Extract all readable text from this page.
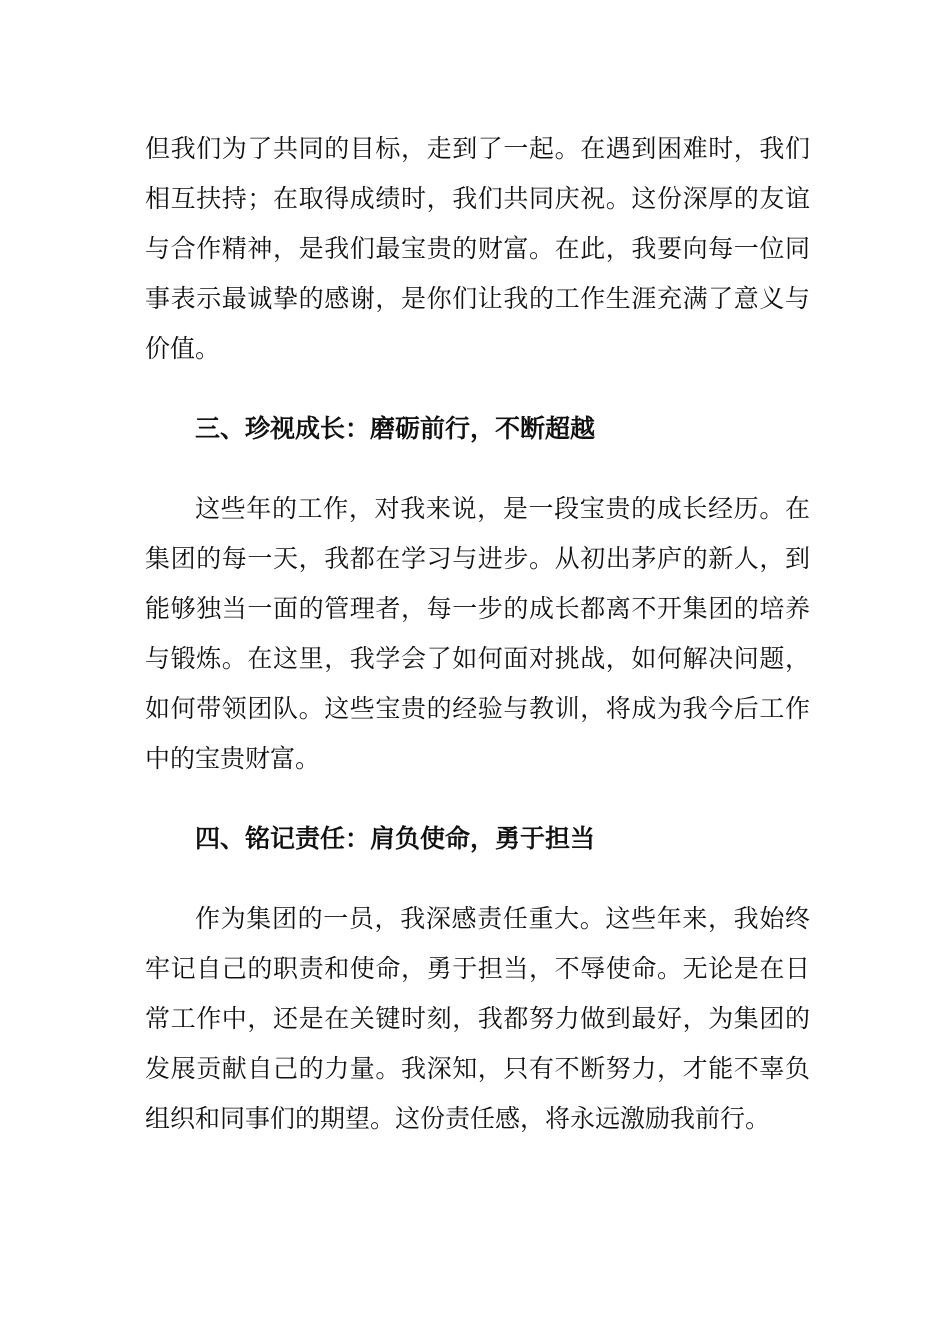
但我们为了共同的目标，走到了一起。在遇到困难时，我们相互扶持；在取得成绩时，我们共同庆祝。这份深厚的友谊与合作精神，是我们最宝贵的财富。在此，我要向每一位同事表示最诚挚的感谢，是你们让我的工作生涯充满了意义与价值。

三、珍视成长：磨砺前行，不断超越

这些年的工作，对我来说，是一段宝贵的成长经历。在集团的每一天，我都在学习与进步。从初出茅庐的新人，到能够独当一面的管理者，每一步的成长都离不开集团的培养与锻炼。在这里，我学会了如何面对挑战，如何解决问题，如何带领团队。这些宝贵的经验与教训，将成为我今后工作中的宝贵财富。

四、铭记责任：肩负使命，勇于担当

作为集团的一员，我深感责任重大。这些年来，我始终牢记自己的职责和使命，勇于担当，不辱使命。无论是在日常工作中，还是在关键时刻，我都努力做到最好，为集团的发展贡献自己的力量。我深知，只有不断努力，才能不辜负组织和同事们的期望。这份责任感，将永远激励我前行。
